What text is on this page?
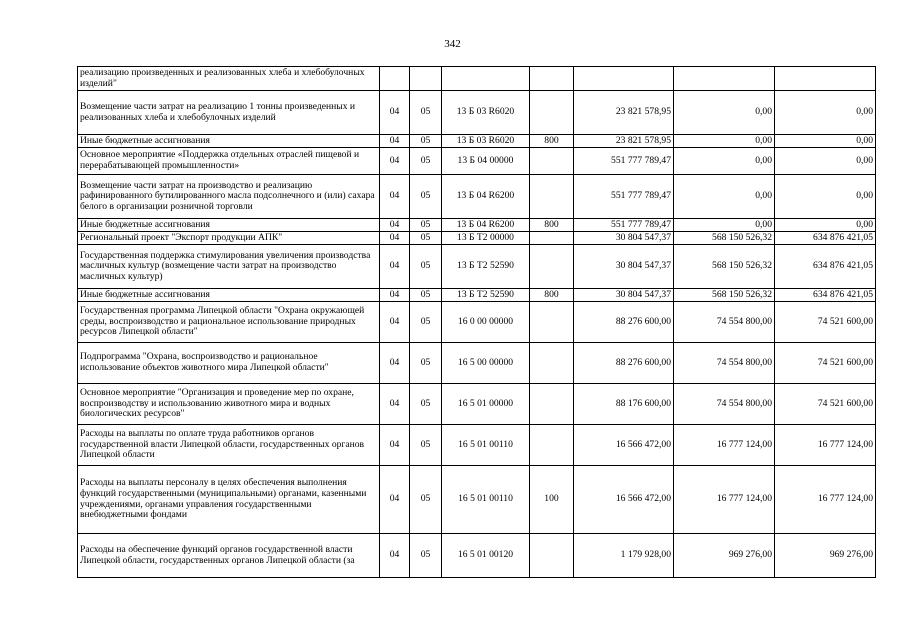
342
реализацию произведенных и реализованных хлеба и хлебобулочных изделий"							
Возмещение части затрат на реализацию 1 тонны произведенных и реализованных хлеба и хлебобулочных изделий	04	05	13 Б 03 R6020		23 821 578,95	0,00	0,00
Иные бюджетные ассигнования	04	05	13 Б 03 R6020	800	23 821 578,95	0,00	0,00
Основное мероприятие «Поддержка отдельных отраслей пищевой и перерабатывающей промышленности»	04	05	13 Б 04 00000		551 777 789,47	0,00	0,00
Возмещение части затрат на производство и реализацию рафинированного бутилированного масла подсолнечного и (или) сахара белого в организации розничной торговли	04	05	13 Б 04 R6200		551 777 789,47	0,00	0,00
Иные бюджетные ассигнования	04	05	13 Б 04 R6200	800	551 777 789,47	0,00	0,00
Региональный проект "Экспорт продукции АПК"	04	05	13 Б Т2 00000		30 804 547,37	568 150 526,32	634 876 421,05
Государственная поддержка стимулирования увеличения производства масличных культур (возмещение части затрат на производство масличных культур)	04	05	13 Б Т2 52590		30 804 547,37	568 150 526,32	634 876 421,05
Иные бюджетные ассигнования	04	05	13 Б Т2 52590	800	30 804 547,37	568 150 526,32	634 876 421,05
Государственная программа Липецкой области "Охрана окружающей среды, воспроизводство и рациональное использование природных ресурсов Липецкой области"	04	05	16 0 00 00000		88 276 600,00	74 554 800,00	74 521 600,00
Подпрограмма "Охрана, воспроизводство и рациональное использование объектов животного мира Липецкой области"	04	05	16 5 00 00000		88 276 600,00	74 554 800,00	74 521 600,00
Основное мероприятие "Организация и проведение мер по охране, воспроизводству и использованию животного мира и водных биологических ресурсов"	04	05	16 5 01 00000		88 176 600,00	74 554 800,00	74 521 600,00
Расходы на выплаты по оплате труда работников органов государственной власти Липецкой области, государственных органов Липецкой области	04	05	16 5 01 00110		16 566 472,00	16 777 124,00	16 777 124,00
Расходы на выплаты персоналу в целях обеспечения выполнения функций государственными (муниципальными) органами, казенными учреждениями, органами управления государственными внебюджетными фондами	04	05	16 5 01 00110	100	16 566 472,00	16 777 124,00	16 777 124,00
Расходы на обеспечение функций органов государственной власти Липецкой области, государственных органов Липецкой области (за	04	05	16 5 01 00120		1 179 928,00	969 276,00	969 276,00
